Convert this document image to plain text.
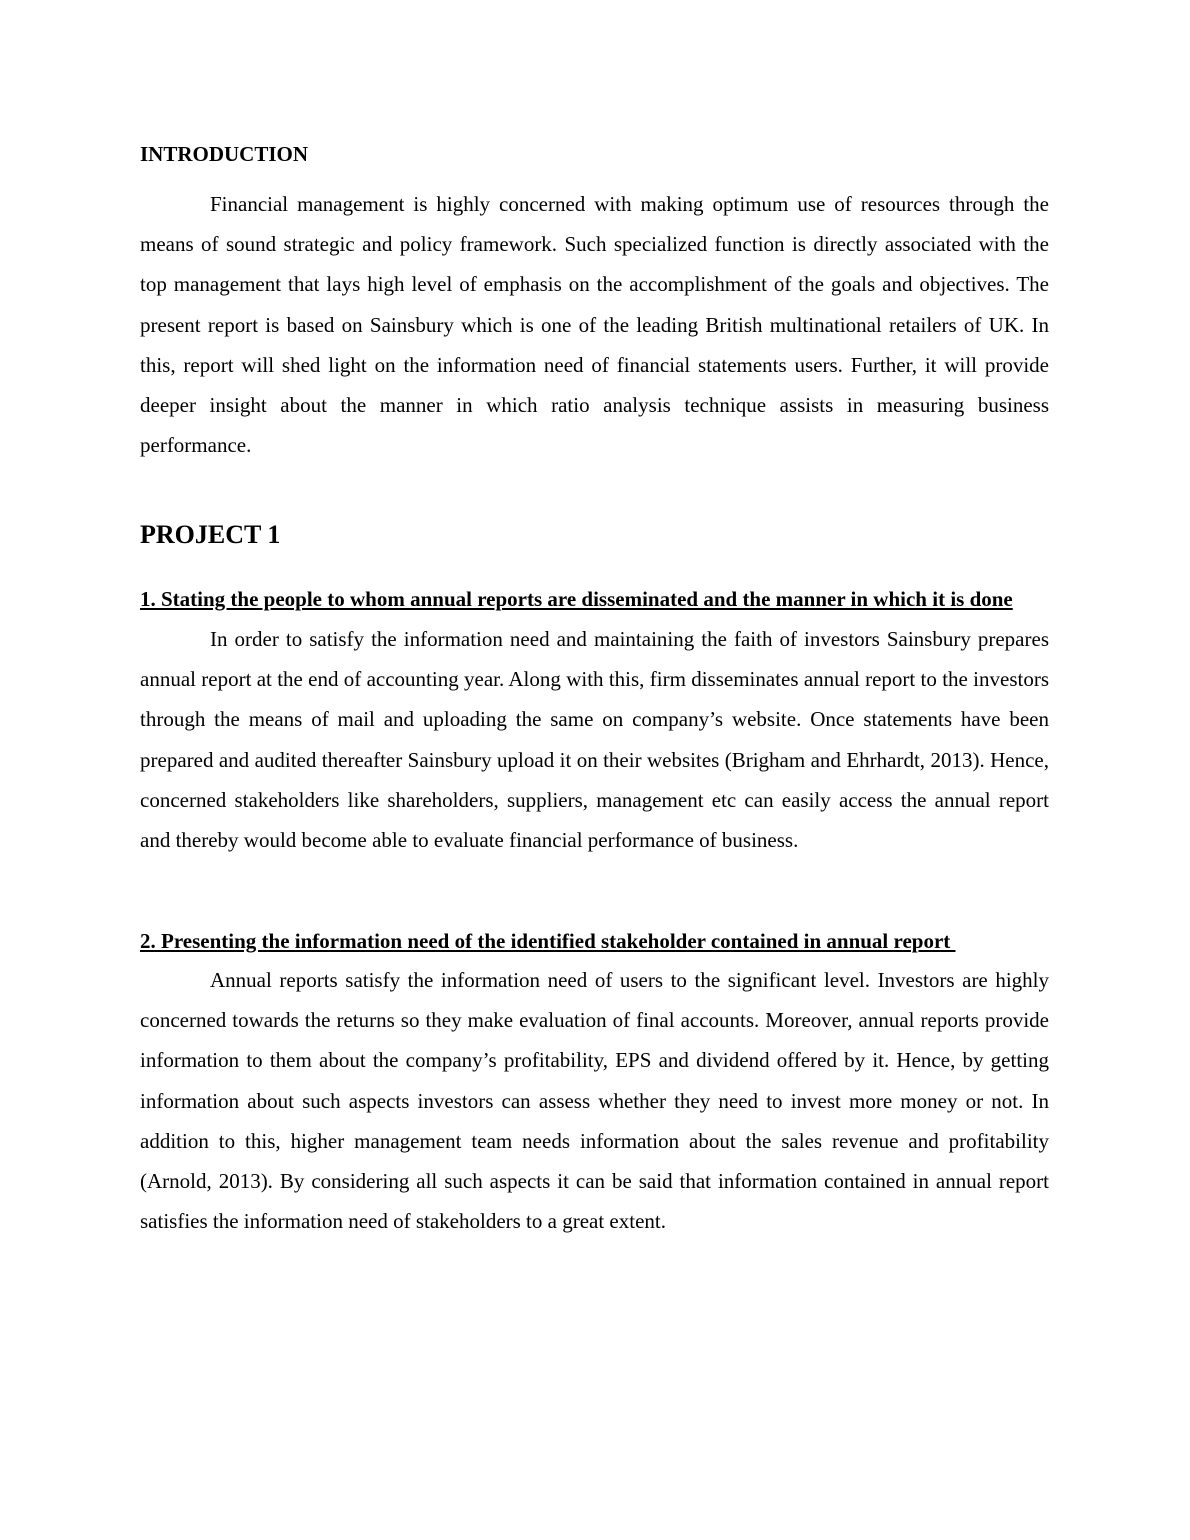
INTRODUCTION

Financial management is highly concerned with making optimum use of resources through the means of sound strategic and policy framework. Such specialized function is directly associated with the top management that lays high level of emphasis on the accomplishment of the goals and objectives. The present report is based on Sainsbury which is one of the leading British multinational retailers of UK. In this, report will shed light on the information need of financial statements users. Further, it will provide deeper insight about the manner in which ratio analysis technique assists in measuring business performance.

PROJECT 1
1. Stating the people to whom annual reports are disseminated and the manner in which it is done

In order to satisfy the information need and maintaining the faith of investors Sainsbury prepares annual report at the end of accounting year. Along with this, firm disseminates annual report to the investors through the means of mail and uploading the same on company’s website. Once statements have been prepared and audited thereafter Sainsbury upload it on their websites (Brigham and Ehrhardt, 2013). Hence, concerned stakeholders like shareholders, suppliers, management etc can easily access the annual report and thereby would become able to evaluate financial performance of business.

2. Presenting the information need of the identified stakeholder contained in annual report

Annual reports satisfy the information need of users to the significant level. Investors are highly concerned towards the returns so they make evaluation of final accounts. Moreover, annual reports provide information to them about the company’s profitability, EPS and dividend offered by it. Hence, by getting information about such aspects investors can assess whether they need to invest more money or not. In addition to this, higher management team needs information about the sales revenue and profitability (Arnold, 2013). By considering all such aspects it can be said that information contained in annual report satisfies the information need of stakeholders to a great extent.
